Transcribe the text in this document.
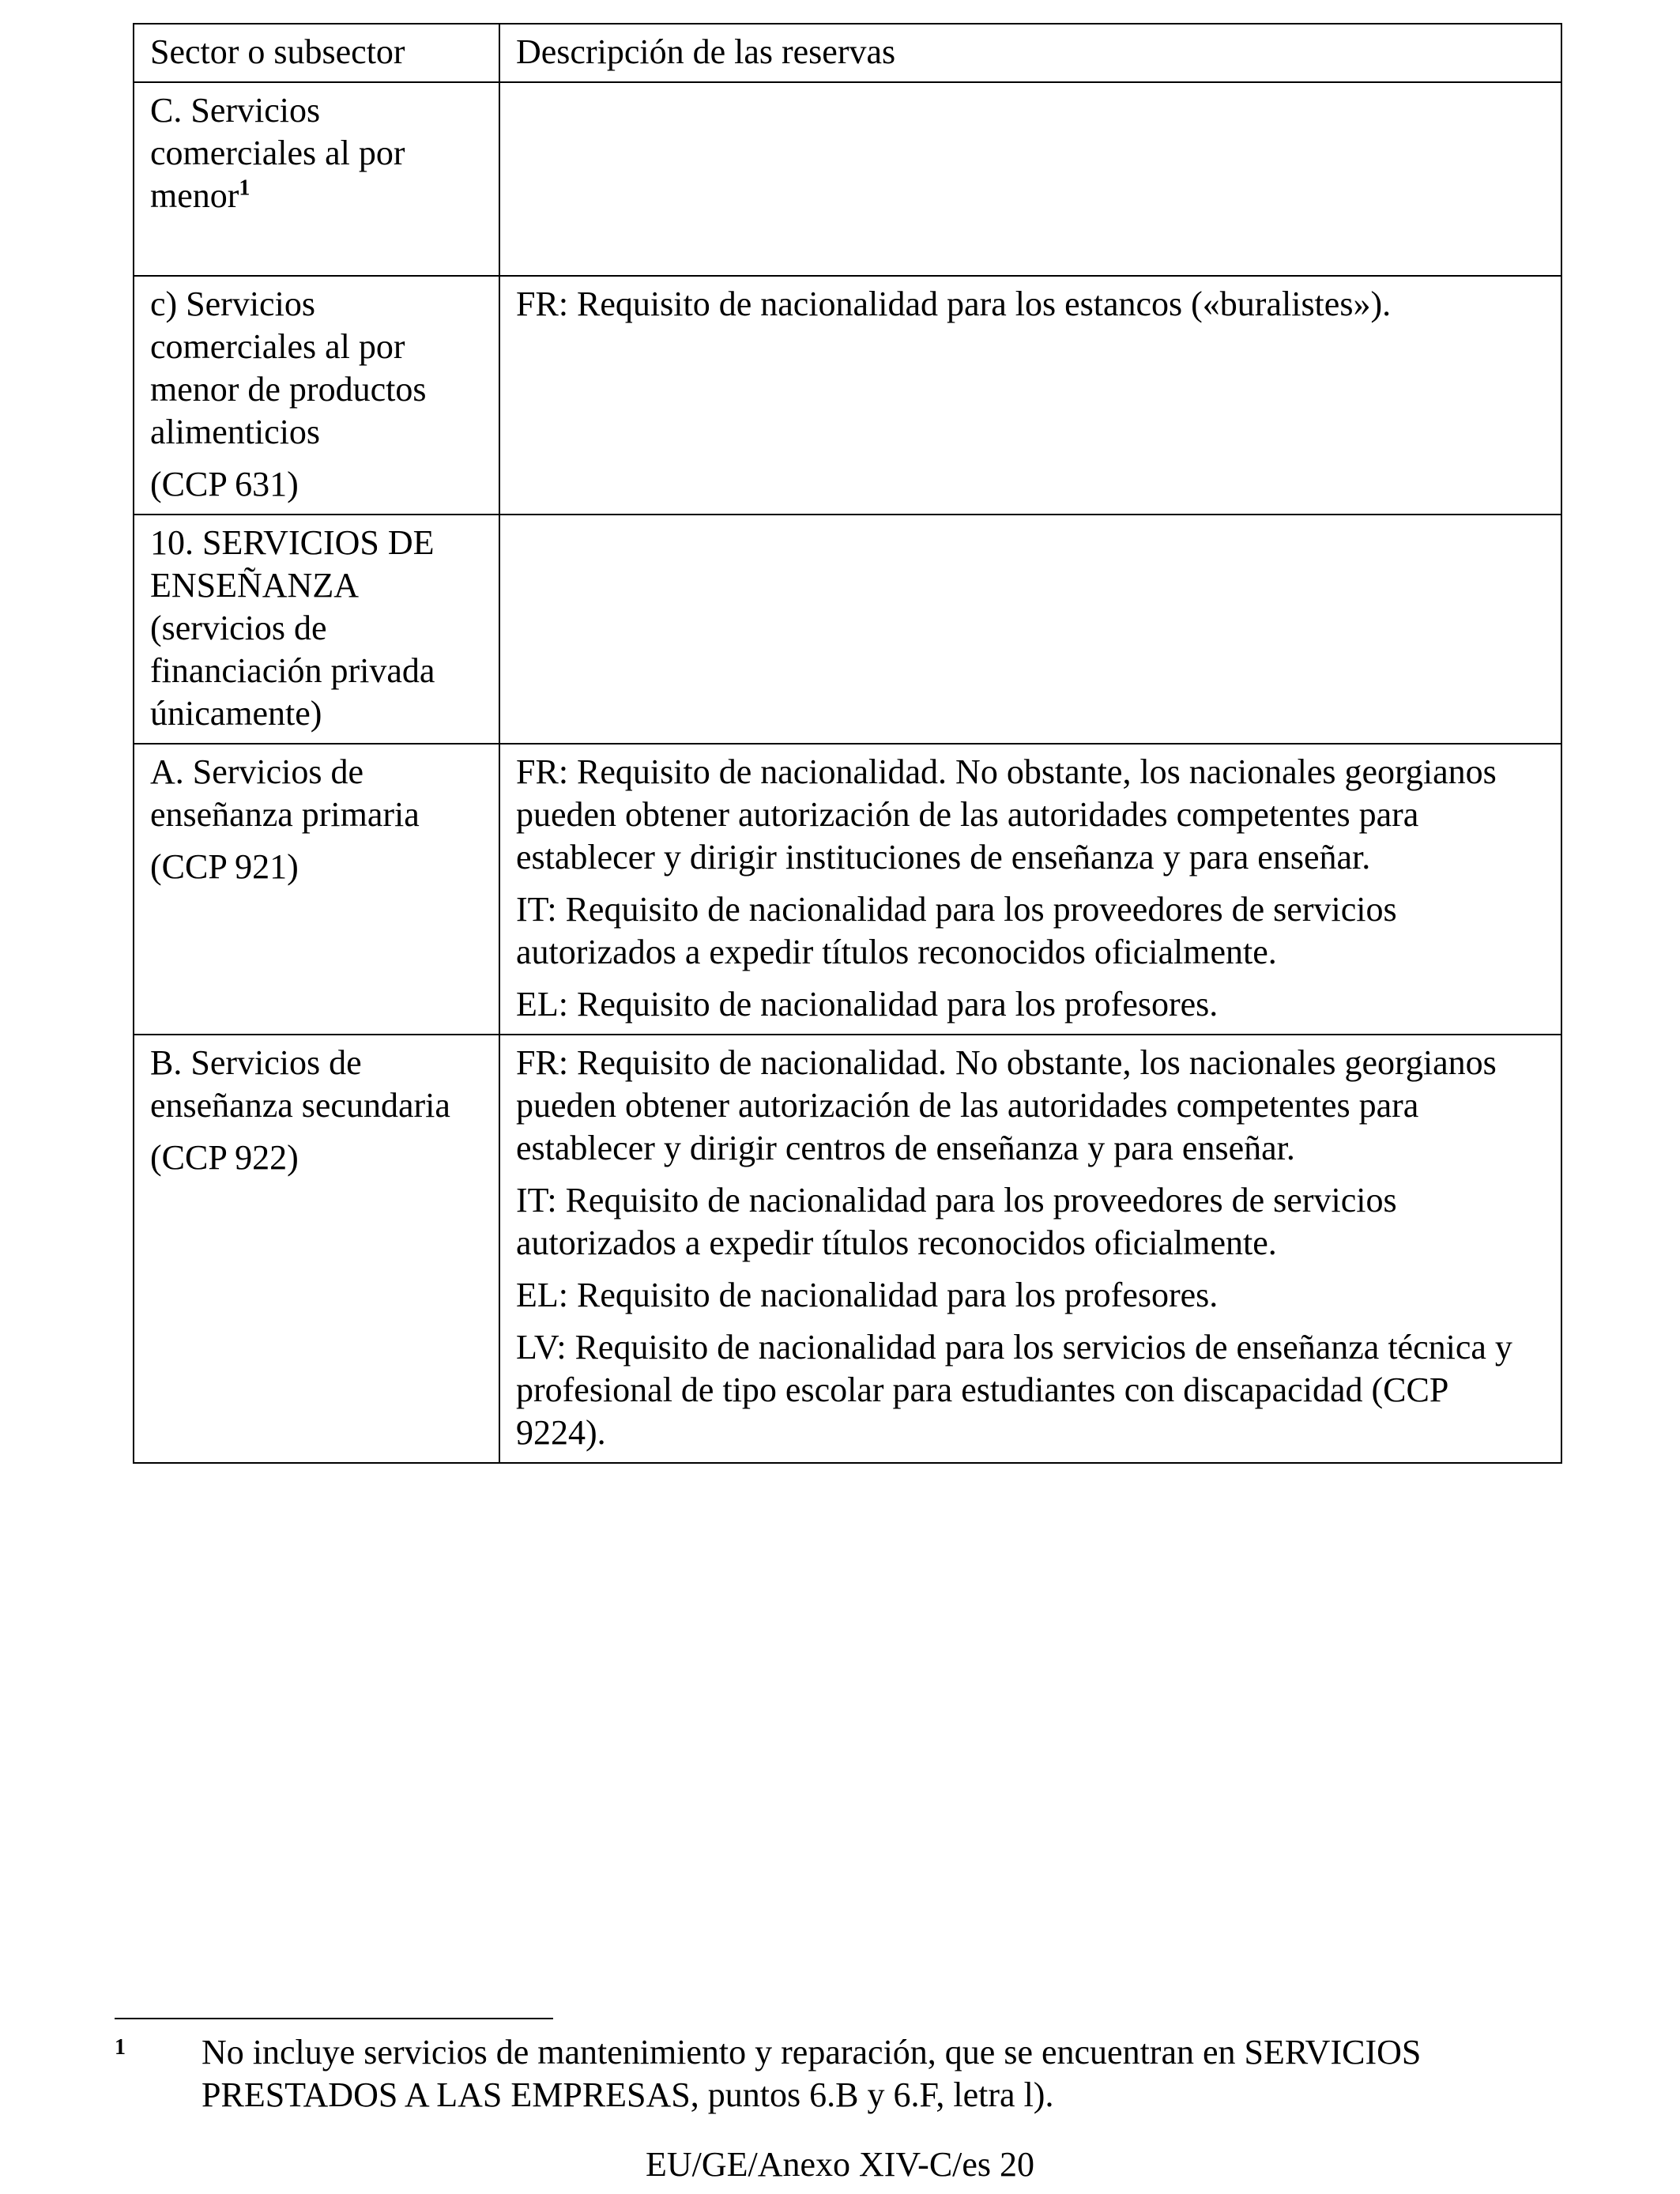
Sector o subsector	Descripción de las reservas

C. Servicios comerciales al por menor$^1$

c) Servicios comerciales al por menor de productos alimenticios
(CCP 631)	FR: Requisito de nacionalidad para los estancos («buralistes»).

10. SERVICIOS DE ENSEÑANZA (servicios de financiación privada únicamente)	

A. Servicios de enseñanza primaria
(CCP 921)	FR: Requisito de nacionalidad. No obstante, los nacionales georgianos pueden obtener autorización de las autoridades competentes para establecer y dirigir instituciones de enseñanza y para enseñar.
IT: Requisito de nacionalidad para los proveedores de servicios autorizados a expedir títulos reconocidos oficialmente.
EL: Requisito de nacionalidad para los profesores.

B. Servicios de enseñanza secundaria
(CCP 922)	FR: Requisito de nacionalidad. No obstante, los nacionales georgianos pueden obtener autorización de las autoridades competentes para establecer y dirigir centros de enseñanza y para enseñar.
IT: Requisito de nacionalidad para los proveedores de servicios autorizados a expedir títulos reconocidos oficialmente.
EL: Requisito de nacionalidad para los profesores.
LV: Requisito de nacionalidad para los servicios de enseñanza técnica y profesional de tipo escolar para estudiantes con discapacidad (CCP 9224).
1 No incluye servicios de mantenimiento y reparación, que se encuentran en SERVICIOS PRESTADOS A LAS EMPRESAS, puntos 6.B y 6.F, letra l).
EU/GE/Anexo XIV-C/es 20
